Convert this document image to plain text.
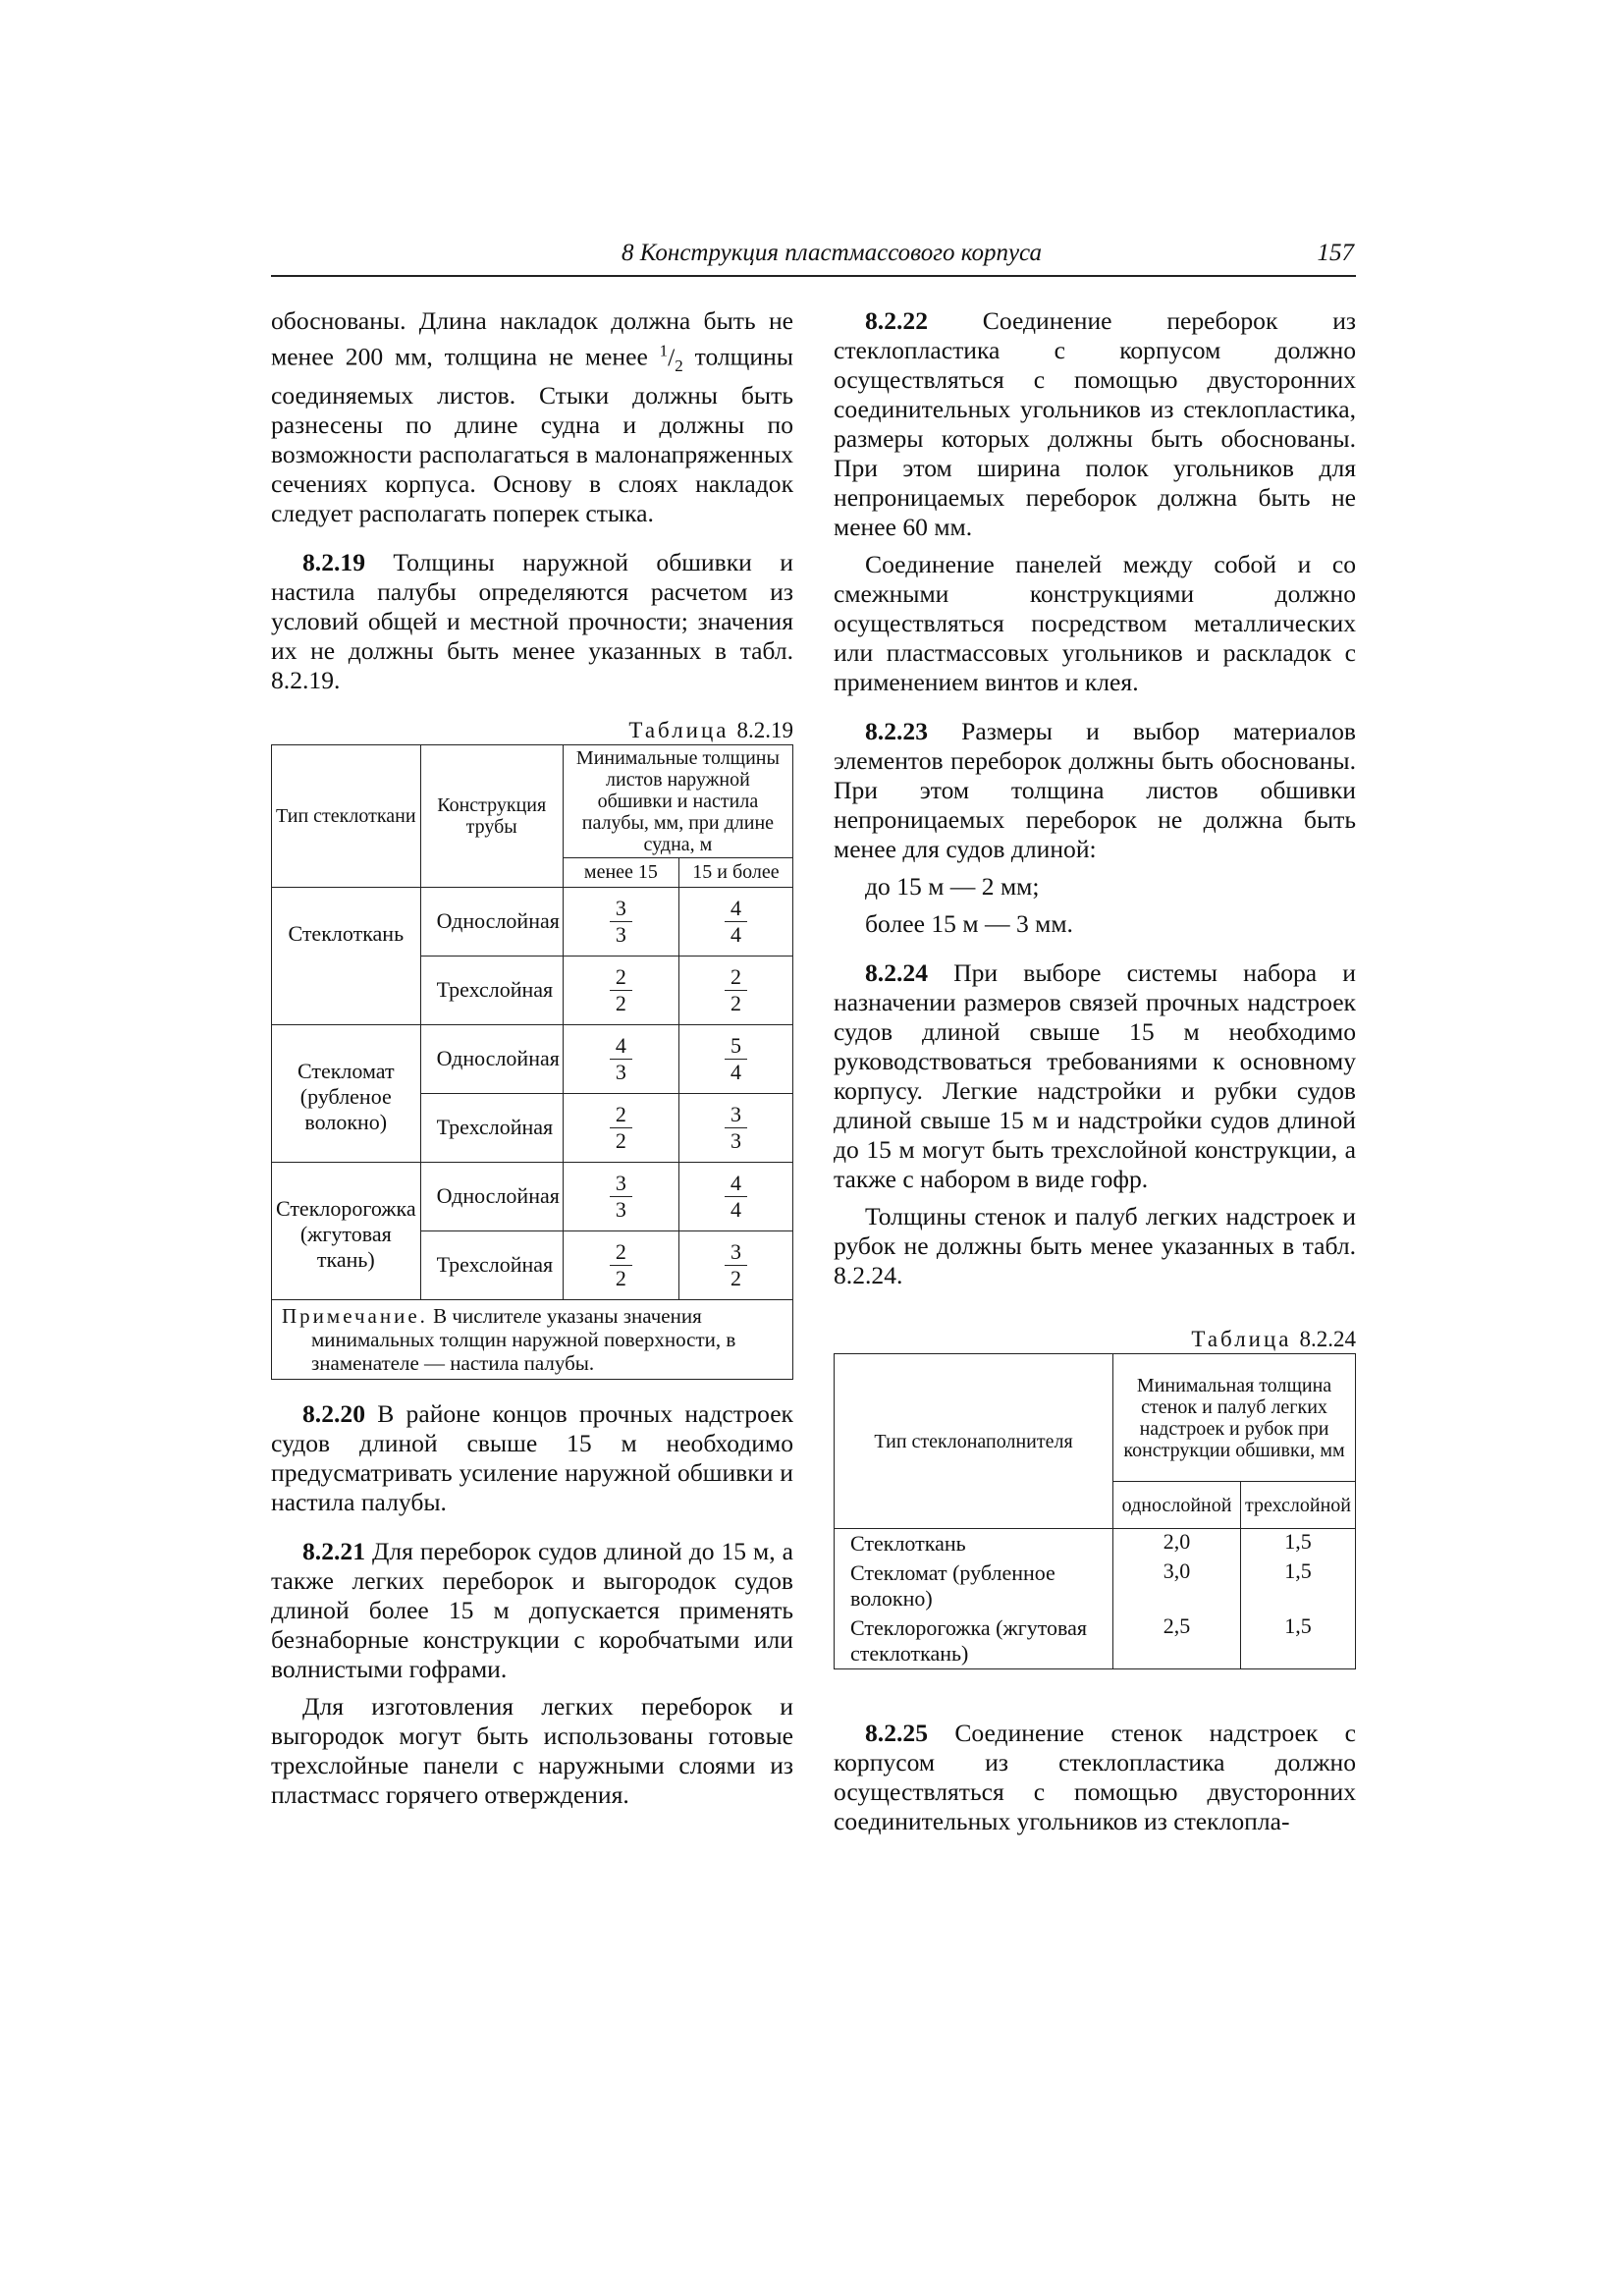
8 Конструкция пластмассового корпуса	157

обоснованы. Длина накладок должна быть не менее 200 мм, толщина не менее $^1/_2$ толщины соединяемых листов. Стыки должны быть разнесены по длине судна и должны по возможности располагаться в малонапряженных сечениях корпуса. Основу в слоях накладок следует располагать поперек стыка.

8.2.19 Толщины наружной обшивки и настила палубы определяются расчетом из условий общей и местной прочности; значения их не должны быть менее указанных в табл. 8.2.19.

Таблица 8.2.19
Тип стеклоткани	Конструкция трубы	Минимальные толщины листов наружной обшивки и настила палубы, мм, при длине судна, м	
		менее 15	15 и более
Стеклоткань	Однослойная	$\frac{3}{3}$	$\frac{4}{4}$

	Трехслойная	$\frac{2}{2}$	$\frac{2}{2}$

Стекломат (рубленое волокно)	Однослойная	$\frac{4}{3}$	$\frac{5}{4}$

	Трехслойная	$\frac{2}{2}$	$\frac{3}{3}$

Стеклорогожка (жгутовая ткань)	Однослойная	$\frac{3}{3}$	$\frac{4}{4}$

	Трехслойная	$\frac{2}{2}$	$\frac{3}{2}$

Примечание. В числителе указаны значения минимальных толщин наружной поверхности, в знаменателе — настила палубы.			

8.2.20 В районе концов прочных надстроек судов длиной свыше 15 м необходимо предусматривать усиление наружной обшивки и настила палубы.

8.2.21 Для переборок судов длиной до 15 м, а также легких переборок и выгородок судов длиной более 15 м допускается применять безнаборные конструкции с коробчатыми или волнистыми гофрами.

Для изготовления легких переборок и выгородок могут быть использованы готовые трехслойные панели с наружными слоями из пластмасс горячего отверждения.

8.2.22 Соединение переборок из стеклопластика с корпусом должно осуществляться с помощью двусторонних соединительных угольников из стеклопластика, размеры которых должны быть обоснованы. При этом ширина полок угольников для непроницаемых переборок должна быть не менее 60 мм.

Соединение панелей между собой и со смежными конструкциями должно осуществляться посредством металлических или пластмассовых угольников и раскладок с применением винтов и клея.

8.2.23 Размеры и выбор материалов элементов переборок должны быть обоснованы. При этом толщина листов обшивки непроницаемых переборок не должна быть менее для судов длиной:

до 15 м — 2 мм;

более 15 м — 3 мм.

8.2.24 При выборе системы набора и назначении размеров связей прочных надстроек судов длиной свыше 15 м необходимо руководствоваться требованиями к основному корпусу. Легкие надстройки и рубки судов длиной свыше 15 м и надстройки судов длиной до 15 м могут быть трехслойной конструкции, а также с набором в виде гофр.

Толщины стенок и палуб легких надстроек и рубок не должны быть менее указанных в табл. 8.2.24.

Таблица 8.2.24
Тип стеклонаполнителя	Минимальная толщина стенок и палуб легких надстроек и рубок при конструкции обшивки, мм	
	однослойной	трехслойной
Стеклоткань	2,0	1,5
Стекломат (рубленное волокно)	3,0	1,5
Стеклорогожка (жгутовая стеклоткань)	2,5	1,5

8.2.25 Соединение стенок надстроек с корпусом из стеклопластика должно осуществляться с помощью двусторонних соединительных угольников из стеклопла-
